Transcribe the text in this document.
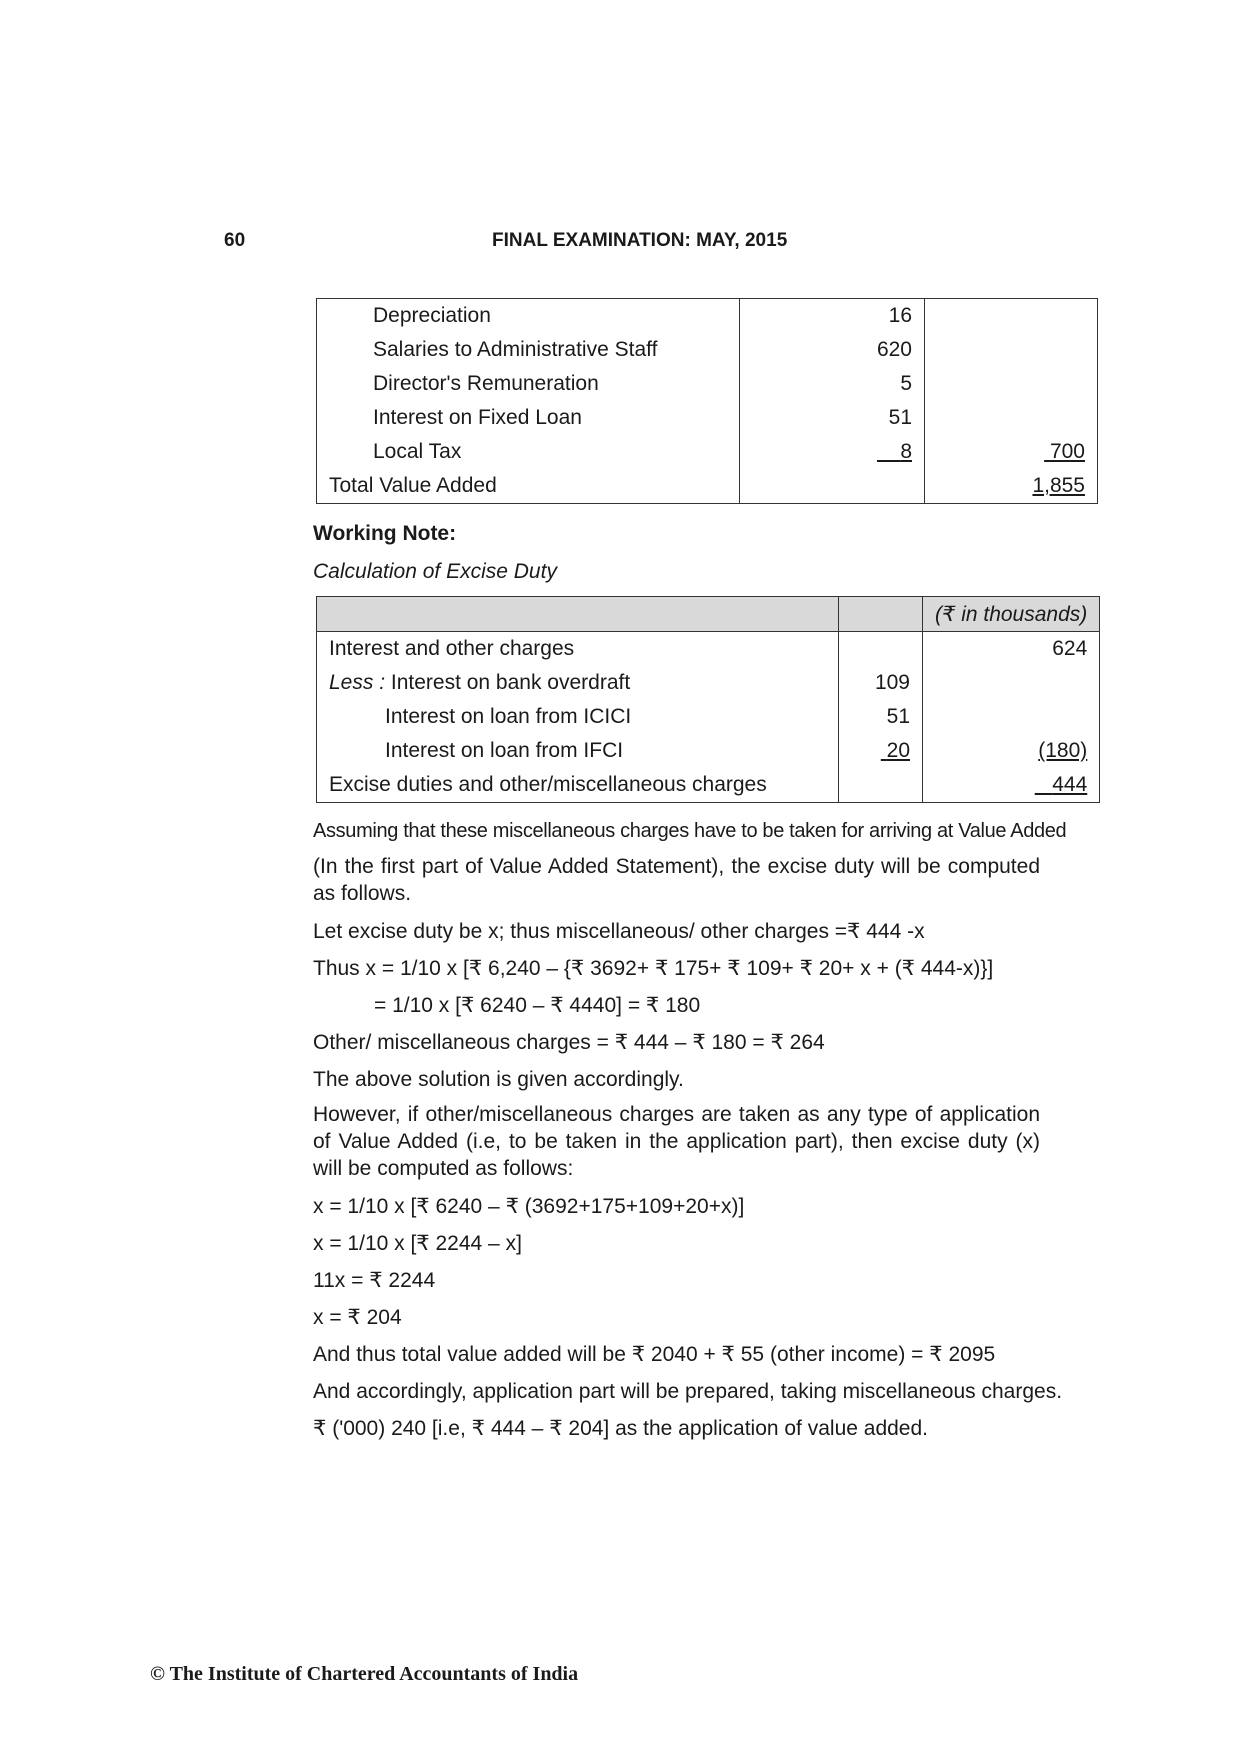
60	FINAL EXAMINATION: MAY, 2015
Depreciation	16	
Salaries to Administrative Staff	620	
Director's Remuneration	5	
Interest on Fixed Loan	51	
Local Tax	8	700
Total Value Added		1,855
Working Note:
Calculation of Excise Duty
		(₹ in thousands)
Interest and other charges		624
Less : Interest on bank overdraft	109	
Interest on loan from ICICI	51	
Interest on loan from IFCI	20	(180)
Excise duties and other/miscellaneous charges		444
Assuming that these miscellaneous charges have to be taken for arriving at Value Added
(In the first part of Value Added Statement), the excise duty will be computed as follows.
Let excise duty be x; thus miscellaneous/ other charges =₹ 444 -x
Thus x = 1/10 x [₹ 6,240 – {₹ 3692+ ₹ 175+ ₹ 109+ ₹ 20+ x + (₹ 444-x)}]
= 1/10 x [₹ 6240 – ₹ 4440] = ₹ 180
Other/ miscellaneous charges = ₹ 444 – ₹ 180 = ₹ 264
The above solution is given accordingly.
However, if other/miscellaneous charges are taken as any type of application of Value Added (i.e, to be taken in the application part), then excise duty (x) will be computed as follows:
x = 1/10 x [₹ 6240 – ₹ (3692+175+109+20+x)]
x = 1/10 x [₹ 2244 – x]
11x = ₹ 2244
x = ₹ 204
And thus total value added will be ₹ 2040 + ₹ 55 (other income) = ₹ 2095
And accordingly, application part will be prepared, taking miscellaneous charges.
₹ ('000) 240 [i.e, ₹ 444 – ₹ 204] as the application of value added.
© The Institute of Chartered Accountants of India
